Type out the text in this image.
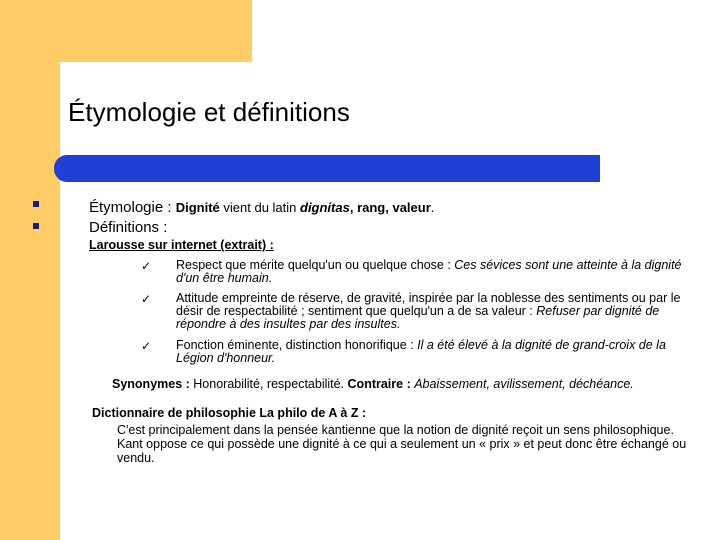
Étymologie et définitions
Étymologie : Dignité vient du latin dignitas, rang, valeur.
Définitions :
Larousse sur internet (extrait) :
✓ Respect que mérite quelqu'un ou quelque chose : Ces sévices sont une atteinte à la dignité d'un être humain.
✓ Attitude empreinte de réserve, de gravité, inspirée par la noblesse des sentiments ou par le désir de respectabilité ; sentiment que quelqu'un a de sa valeur : Refuser par dignité de répondre à des insultes par des insultes.
✓ Fonction éminente, distinction honorifique : Il a été élevé à la dignité de grand-croix de la Légion d'honneur.
Synonymes : Honorabilité, respectabilité. Contraire : Abaissement, avilissement, déchéance.
Dictionnaire de philosophie La philo de A à Z :
C'est principalement dans la pensée kantienne que la notion de dignité reçoit un sens philosophique. Kant oppose ce qui possède une dignité à ce qui a seulement un « prix » et peut donc être échangé ou vendu.
